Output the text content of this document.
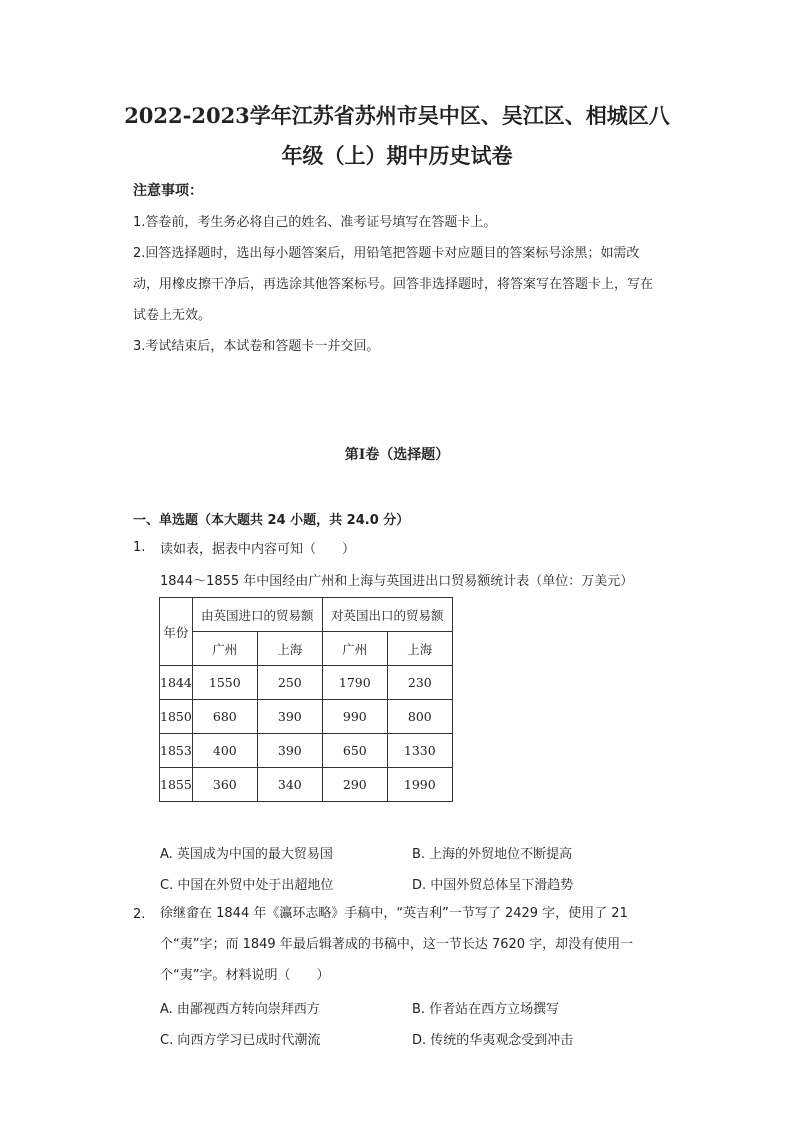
2022-2023学年江苏省苏州市吴中区、吴江区、相城区八
年级（上）期中历史试卷
注意事项：
1.答卷前，考生务必将自己的姓名、准考证号填写在答题卡上。
2.回答选择题时，选出每小题答案后，用铅笔把答题卡对应题目的答案标号涂黑；如需改动，用橡皮擦干净后，再选涂其他答案标号。回答非选择题时，将答案写在答题卡上，写在试卷上无效。
3.考试结束后，本试卷和答题卡一并交回。
第Ⅰ卷（选择题）
一、单选题（本大题共 24 小题，共 24.0 分）
1. 读如表，据表中内容可知（　　）
1844～1855 年中国经由广州和上海与英国进出口贸易额统计表（单位：万美元）
年份	由英国进口的贸易额		对英国出口的贸易额	
	广州	上海	广州	上海
1844	1550	250	1790	230
1850	680	390	990	800
1853	400	390	650	1330
1855	360	340	290	1990
A. 英国成为中国的最大贸易国	B. 上海的外贸地位不断提高
C. 中国在外贸中处于出超地位	D. 中国外贸总体呈下滑趋势
2. 徐继畲在 1844 年《瀛环志略》手稿中，“英吉利”一节写了 2429 字，使用了 21 个“夷”字；而 1849 年最后辑著成的书稿中，这一节长达 7620 字，却没有使用一个“夷”字。材料说明（　　）
A. 由鄙视西方转向崇拜西方	B. 作者站在西方立场撰写
C. 向西方学习已成时代潮流	D. 传统的华夷观念受到冲击
